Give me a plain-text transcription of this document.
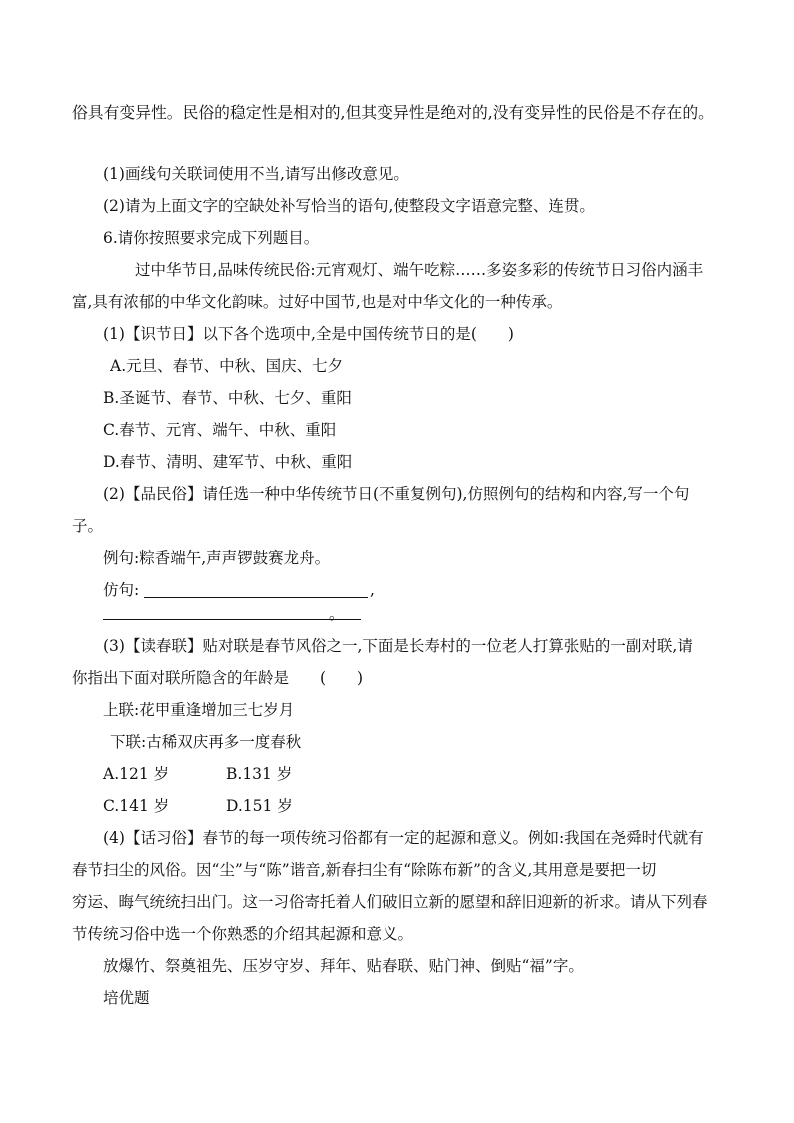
俗具有变异性。民俗的稳定性是相对的,但其变异性是绝对的,没有变异性的民俗是不存在的。
(1)画线句关联词使用不当,请写出修改意见。
(2)请为上面文字的空缺处补写恰当的语句,使整段文字语意完整、连贯。
6.请你按照要求完成下列题目。
过中华节日,品味传统民俗:元宵观灯、端午吃粽……多姿多彩的传统节日习俗内涵丰
富,具有浓郁的中华文化韵味。过好中国节,也是对中华文化的一种传承。
(1)【识节日】以下各个选项中,全是中国传统节日的是(　　)
A.元旦、春节、中秋、国庆、七夕
B.圣诞节、春节、中秋、七夕、重阳
C.春节、元宵、端午、中秋、重阳
D.春节、清明、建军节、中秋、重阳
(2)【品民俗】请任选一种中华传统节日(不重复例句),仿照例句的结构和内容,写一个句
子。
例句:粽香端午,声声锣鼓赛龙舟。
仿句:	,
。
(3)【读春联】贴对联是春节风俗之一,下面是长寿村的一位老人打算张贴的一副对联,请
你指出下面对联所隐含的年龄是　　(　　)
上联:花甲重逢增加三七岁月
下联:古稀双庆再多一度春秋
A.121 岁	B.131 岁
C.141 岁	D.151 岁
(4)【话习俗】春节的每一项传统习俗都有一定的起源和意义。例如:我国在尧舜时代就有
春节扫尘的风俗。因“尘”与“陈”谐音,新春扫尘有“除陈布新”的含义,其用意是要把一切
穷运、晦气统统扫出门。这一习俗寄托着人们破旧立新的愿望和辞旧迎新的祈求。请从下列春
节传统习俗中选一个你熟悉的介绍其起源和意义。
放爆竹、祭奠祖先、压岁守岁、拜年、贴春联、贴门神、倒贴“福”字。
培优题
